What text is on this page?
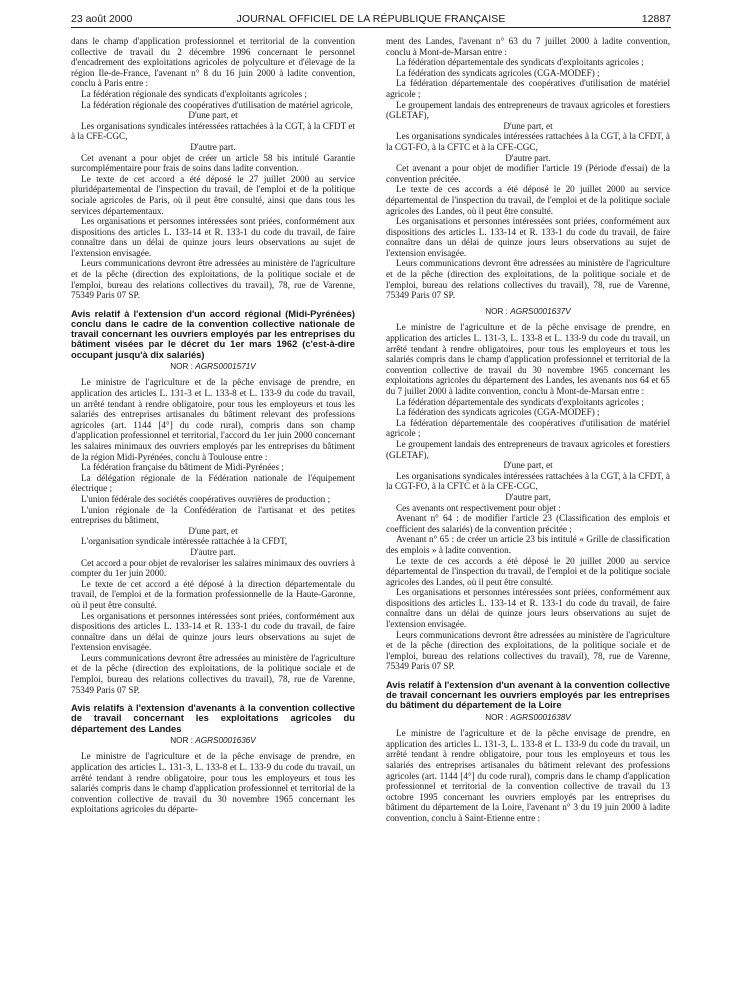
23 août 2000	JOURNAL OFFICIEL DE LA RÉPUBLIQUE FRANÇAISE	12887

dans le champ d'application professionnel et territorial de la convention collective de travail du 2 décembre 1996 concernant le personnel d'encadrement des exploitations agricoles de polyculture et d'élevage de la région Ile-de-France, l'avenant n° 8 du 16 juin 2000 à ladite convention, conclu à Paris entre :

La fédération régionale des syndicats d'exploitants agricoles ;

La fédération régionale des coopératives d'utilisation de matériel agricole,

D'une part, et

Les organisations syndicales intéressées rattachées à la CGT, à la CFDT et à la CFE-CGC,

D'autre part.

Cet avenant a pour objet de créer un article 58 bis intitulé Garantie surcomplémentaire pour frais de soins dans ladite convention.

Le texte de cet accord a été déposé le 27 juillet 2000 au service pluridépartemental de l'inspection du travail, de l'emploi et de la politique sociale agricoles de Paris, où il peut être consulté, ainsi que dans tous les services départementaux.

Les organisations et personnes intéressées sont priées, conformément aux dispositions des articles L. 133-14 et R. 133-1 du code du travail, de faire connaître dans un délai de quinze jours leurs observations au sujet de l'extension envisagée.

Leurs communications devront être adressées au ministère de l'agriculture et de la pêche (direction des exploitations, de la politique sociale et de l'emploi, bureau des relations collectives du travail), 78, rue de Varenne, 75349 Paris 07 SP.

Avis relatif à l'extension d'un accord régional (Midi-Pyrénées) conclu dans le cadre de la convention collective nationale de travail concernant les ouvriers employés par les entreprises du bâtiment visées par le décret du 1er mars 1962 (c'est-à-dire occupant jusqu'à dix salariés)
NOR : AGRS0001571V

Le ministre de l'agriculture et de la pêche envisage de prendre, en application des articles L. 131-3 et L. 133-8 et L. 133-9 du code du travail, un arrêté tendant à rendre obligatoire, pour tous les employeurs et tous les salariés des entreprises artisanales du bâtiment relevant des professions agricoles (art. 1144 [4°] du code rural), compris dans son champ d'application professionnel et territorial, l'accord du 1er juin 2000 concernant les salaires minimaux des ouvriers employés par les entreprises du bâtiment de la région Midi-Pyrénées, conclu à Toulouse entre :

La fédération française du bâtiment de Midi-Pyrénées ;

La délégation régionale de la Fédération nationale de l'équipement électrique ;

L'union fédérale des sociétés coopératives ouvrières de production ;

L'union régionale de la Confédération de l'artisanat et des petites entreprises du bâtiment,

D'une part, et

L'organisation syndicale intéressée rattachée à la CFDT,

D'autre part.

Cet accord a pour objet de revaloriser les salaires minimaux des ouvriers à compter du 1er juin 2000.

Le texte de cet accord a été déposé à la direction départementale du travail, de l'emploi et de la formation professionnelle de la Haute-Garonne, où il peut être consulté.

Les organisations et personnes intéressées sont priées, conformément aux dispositions des articles L. 133-14 et R. 133-1 du code du travail, de faire connaître dans un délai de quinze jours leurs observations au sujet de l'extension envisagée.

Leurs communications devront être adressées au ministère de l'agriculture et de la pêche (direction des exploitations, de la politique sociale et de l'emploi, bureau des relations collectives du travail), 78, rue de Varenne, 75349 Paris 07 SP.

Avis relatifs à l'extension d'avenants à la convention collective de travail concernant les exploitations agricoles du département des Landes
NOR : AGRS0001636V

Le ministre de l'agriculture et de la pêche envisage de prendre, en application des articles L. 131-3, L. 133-8 et L. 133-9 du code du travail, un arrêté tendant à rendre obligatoire, pour tous les employeurs et tous les salariés compris dans le champ d'application professionnel et territorial de la convention collective de travail du 30 novembre 1965 concernant les exploitations agricoles du départe-

ment des Landes, l'avenant n° 63 du 7 juillet 2000 à ladite convention, conclu à Mont-de-Marsan entre :

La fédération départementale des syndicats d'exploitants agricoles ;

La fédération des syndicats agricoles (CGA-MODEF) ;

La fédération départementale des coopératives d'utilisation de matériel agricole ;

Le groupement landais des entrepreneurs de travaux agricoles et forestiers (GLETAF),

D'une part, et

Les organisations syndicales intéressées rattachées à la CGT, à la CFDT, à la CGT-FO, à la CFTC et à la CFE-CGC,

D'autre part.

Cet avenant a pour objet de modifier l'article 19 (Période d'essai) de la convention précitée.

Le texte de ces accords a été déposé le 20 juillet 2000 au service départemental de l'inspection du travail, de l'emploi et de la politique sociale agricoles des Landes, où il peut être consulté.

Les organisations et personnes intéressées sont priées, conformément aux dispositions des articles L. 133-14 et R. 133-1 du code du travail, de faire connaître dans un délai de quinze jours leurs observations au sujet de l'extension envisagée.

Leurs communications devront être adressées au ministère de l'agriculture et de la pêche (direction des exploitations, de la politique sociale et de l'emploi, bureau des relations collectives du travail), 78, rue de Varenne, 75349 Paris 07 SP.

NOR : AGRS0001637V

Le ministre de l'agriculture et de la pêche envisage de prendre, en application des articles L. 131-3, L. 133-8 et L. 133-9 du code du travail, un arrêté tendant à rendre obligatoires, pour tous les employeurs et tous les salariés compris dans le champ d'application professionnel et territorial de la convention collective de travail du 30 novembre 1965 concernant les exploitations agricoles du département des Landes, les avenants nos 64 et 65 du 7 juillet 2000 à ladite convention, conclu à Mont-de-Marsan entre :

La fédération départementale des syndicats d'exploitants agricoles ;

La fédération des syndicats agricoles (CGA-MODEF) ;

La fédération départementale des coopératives d'utilisation de matériel agricole ;

Le groupement landais des entrepreneurs de travaux agricoles et forestiers (GLETAF),

D'une part, et

Les organisations syndicales intéressées rattachées à la CGT, à la CFDT, à la CGT-FO, à la CFTC et à la CFE-CGC,

D'autre part,

Ces avenants ont respectivement pour objet :

Avenant n° 64 : de modifier l'article 23 (Classification des emplois et coefficient des salariés) de la convention précitée ;

Avenant n° 65 : de créer un article 23 bis intitulé « Grille de classification des emplois » à ladite convention.

Le texte de ces accords a été déposé le 20 juillet 2000 au service départemental de l'inspection du travail, de l'emploi et de la politique sociale agricoles des Landes, où il peut être consulté.

Les organisations et personnes intéressées sont priées, conformément aux dispositions des articles L. 133-14 et R. 133-1 du code du travail, de faire connaître dans un délai de quinze jours leurs observations au sujet de l'extension envisagée.

Leurs communications devront être adressées au ministère de l'agriculture et de la pêche (direction des exploitations, de la politique sociale et de l'emploi, bureau des relations collectives du travail), 78, rue de Varenne, 75349 Paris 07 SP.

Avis relatif à l'extension d'un avenant à la convention collective de travail concernant les ouvriers employés par les entreprises du bâtiment du département de la Loire
NOR : AGRS0001638V

Le ministre de l'agriculture et de la pêche envisage de prendre, en application des articles L. 131-3, L. 133-8 et L. 133-9 du code du travail, un arrêté tendant à rendre obligatoire, pour tous les employeurs et tous les salariés des entreprises artisanales du bâtiment relevant des professions agricoles (art. 1144 [4°] du code rural), compris dans le champ d'application professionnel et territorial de la convention collective de travail du 13 octobre 1995 concernant les ouvriers employés par les entreprises du bâtiment du département de la Loire, l'avenant n° 3 du 19 juin 2000 à ladite convention, conclu à Saint-Etienne entre :
